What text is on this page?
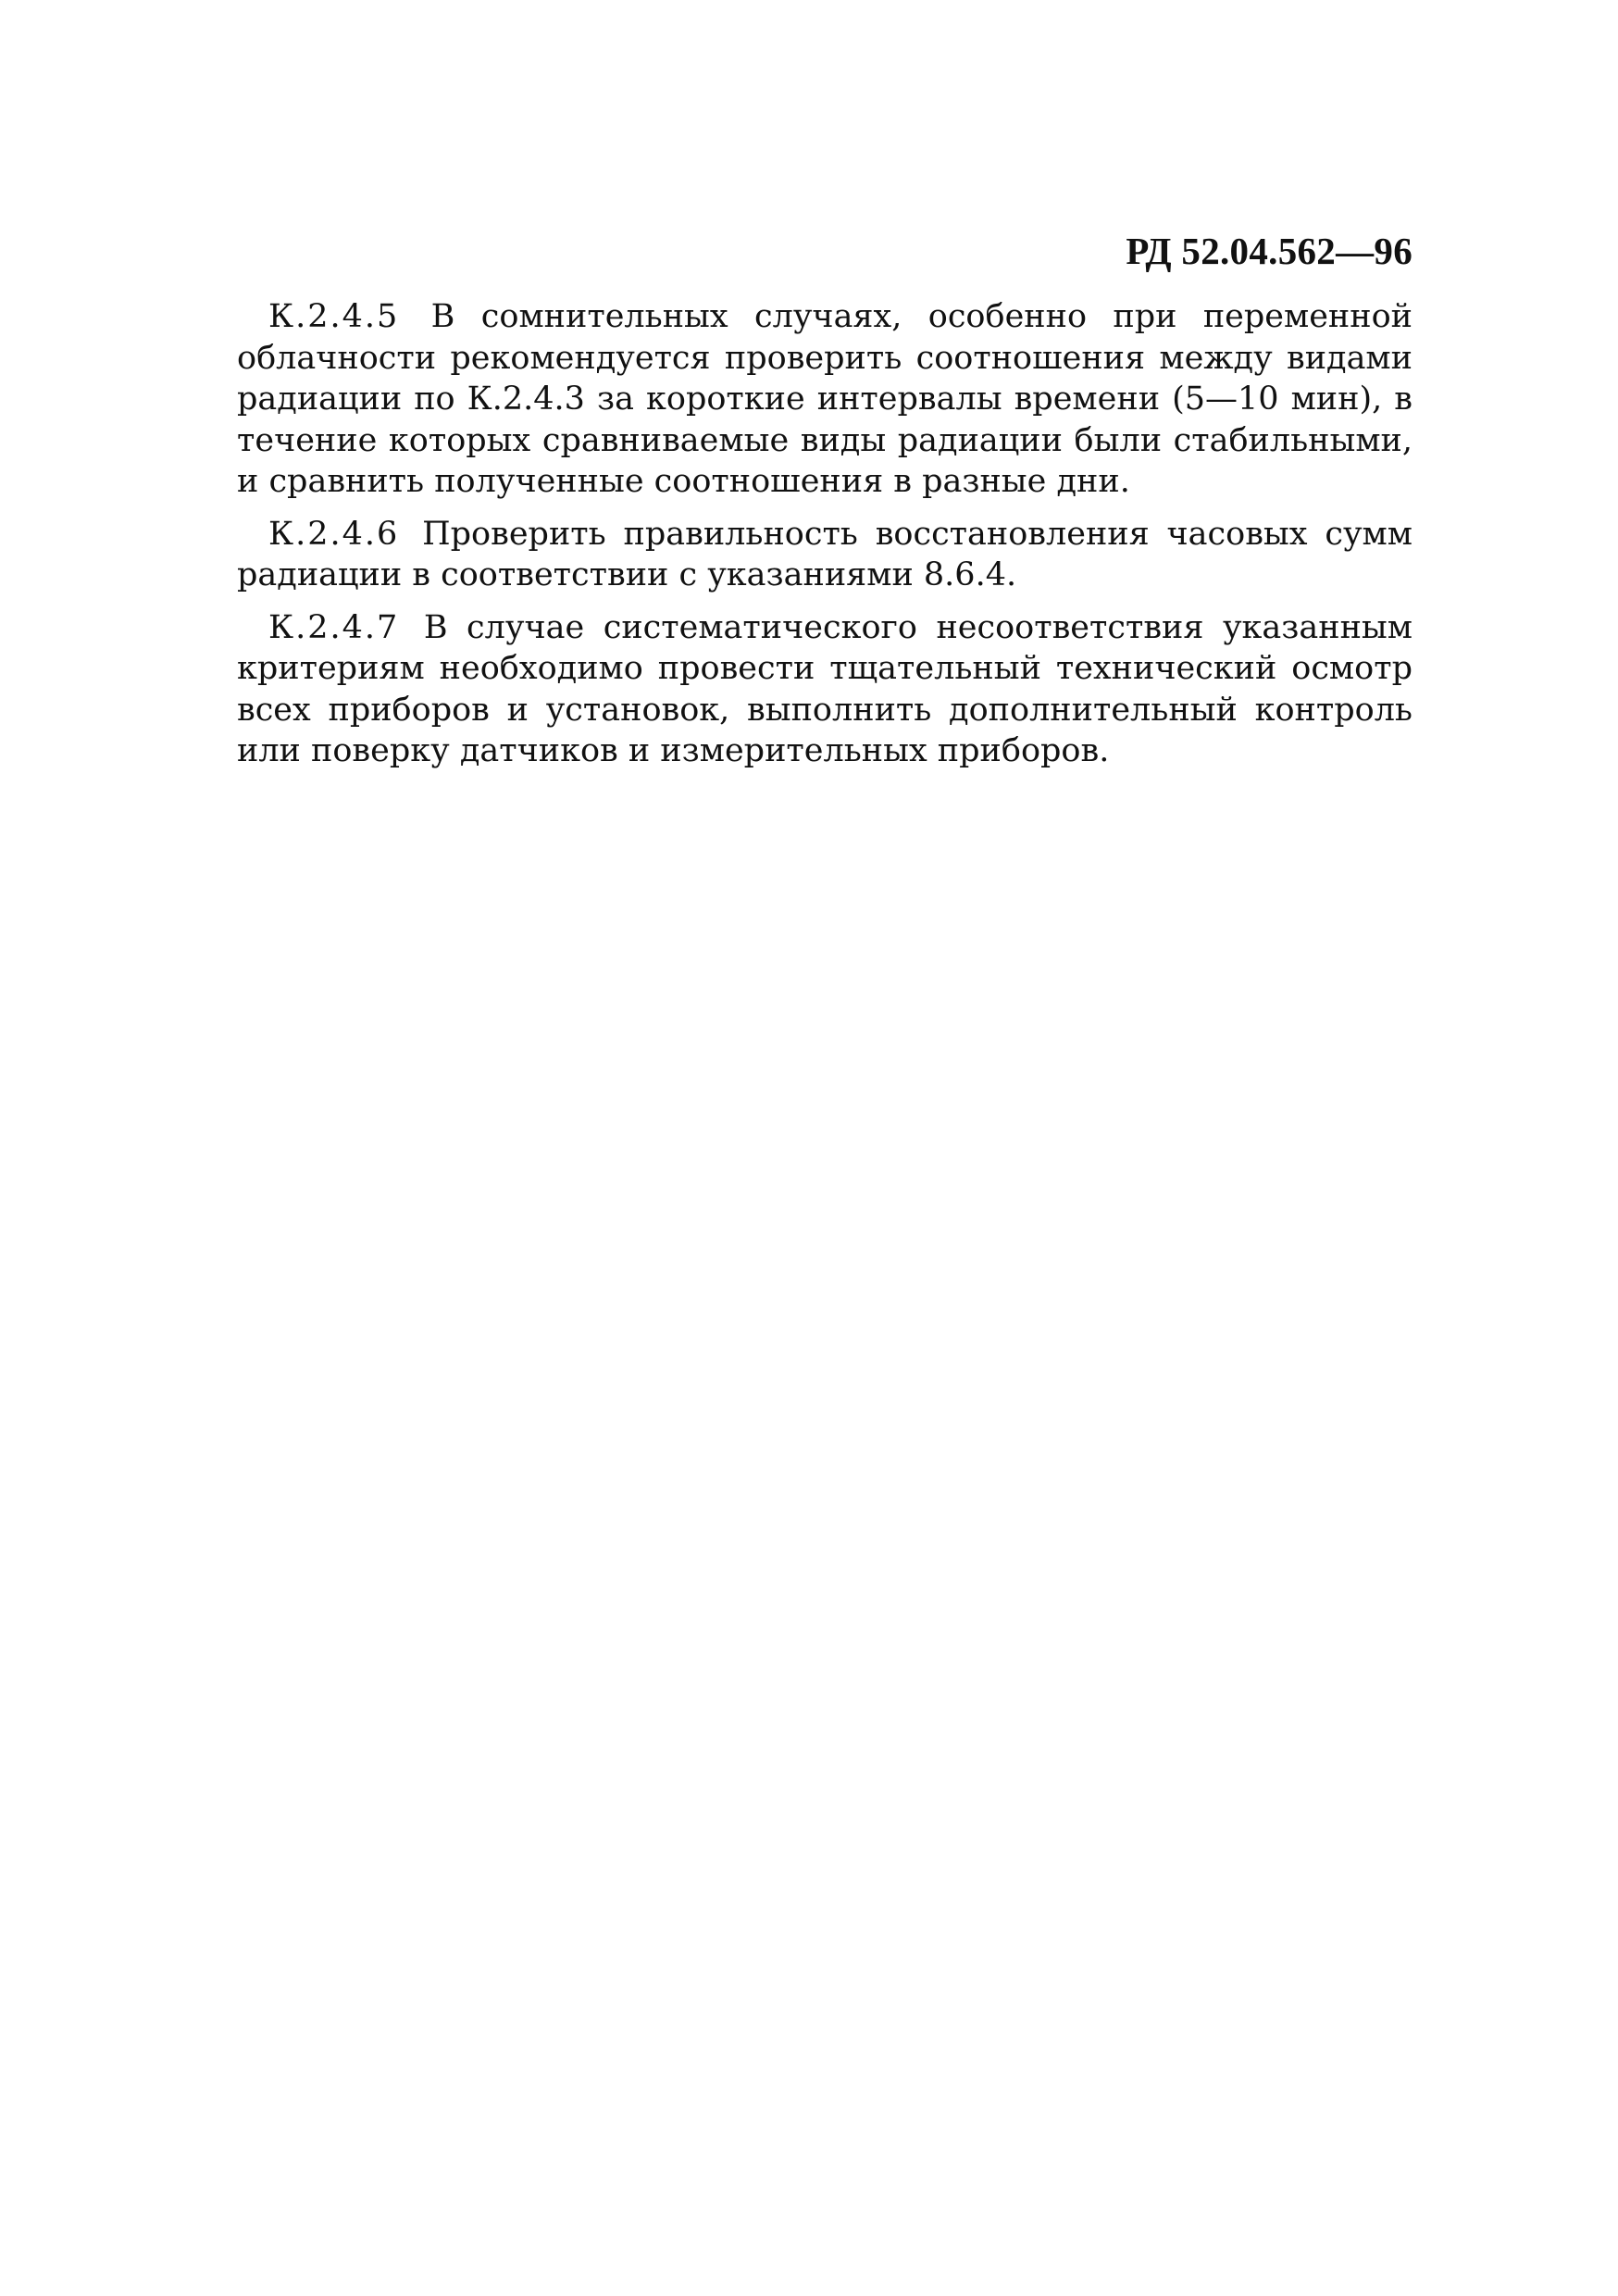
РД 52.04.562—96

К.2.4.5 В сомнительных случаях, особенно при переменной облачности рекомендуется проверить соотношения между видами радиации по К.2.4.3 за короткие интервалы времени (5—10 мин), в течение которых сравниваемые виды радиации были стабильными, и сравнить полученные соотношения в разные дни.

К.2.4.6 Проверить правильность восстановления часовых сумм радиации в соответствии с указаниями 8.6.4.

К.2.4.7 В случае систематического несоответствия указанным критериям необходимо провести тщательный технический осмотр всех приборов и установок, выполнить дополнительный контроль или поверку датчиков и измерительных приборов.
